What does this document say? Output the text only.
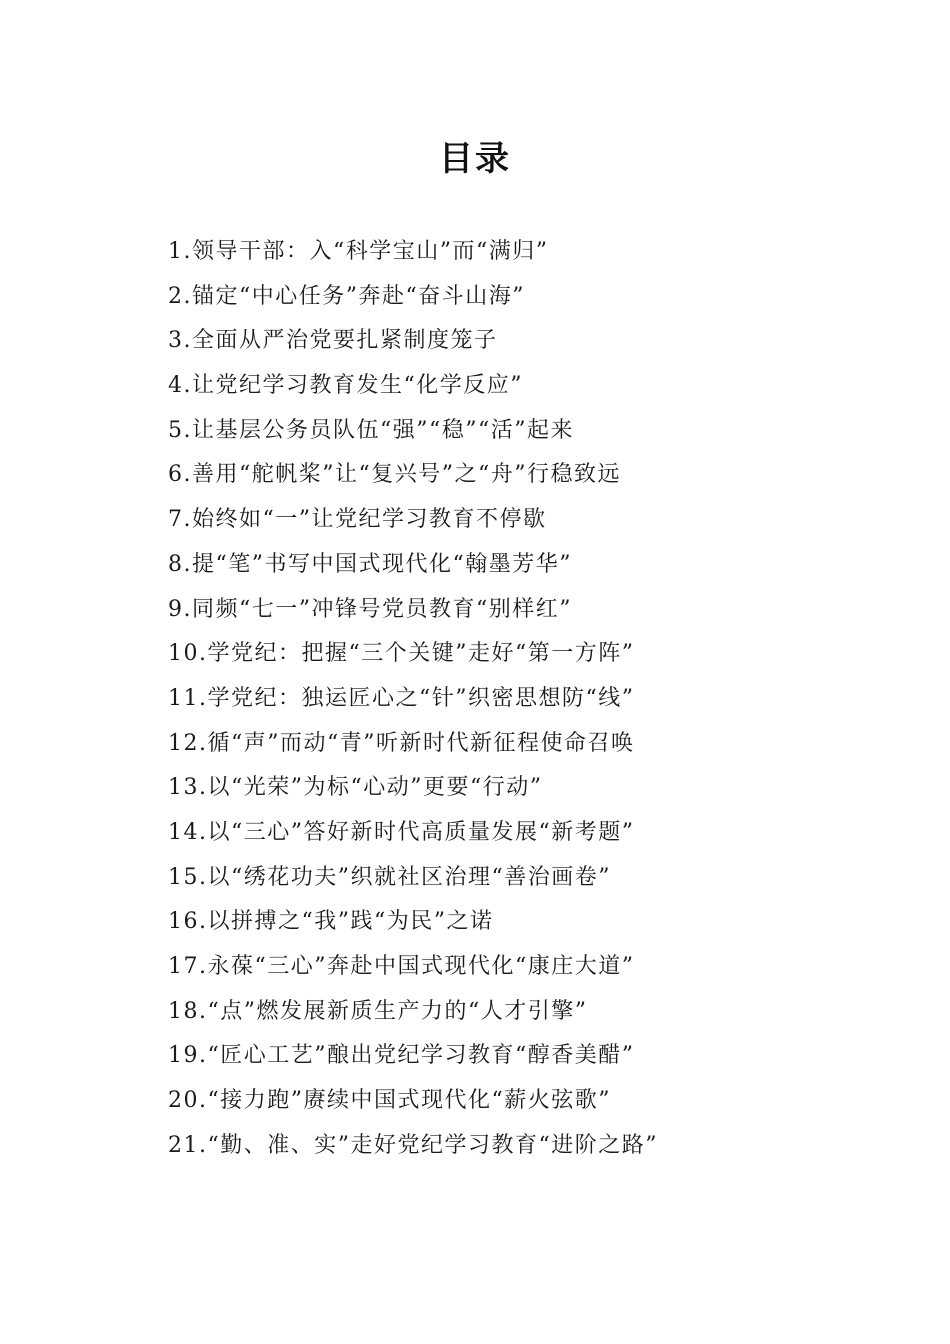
目录
1.领导干部：入“科学宝山”而“满归”
2.锚定“中心任务”奔赴“奋斗山海”
3.全面从严治党要扎紧制度笼子
4.让党纪学习教育发生“化学反应”
5.让基层公务员队伍“强”“稳”“活”起来
6.善用“舵帆桨”让“复兴号”之“舟”行稳致远
7.始终如“一”让党纪学习教育不停歇
8.提“笔”书写中国式现代化“翰墨芳华”
9.同频“七一”冲锋号党员教育“别样红”
10.学党纪：把握“三个关键”走好“第一方阵”
11.学党纪：独运匠心之“针”织密思想防“线”
12.循“声”而动“青”听新时代新征程使命召唤
13.以“光荣”为标“心动”更要“行动”
14.以“三心”答好新时代高质量发展“新考题”
15.以“绣花功夫”织就社区治理“善治画卷”
16.以拼搏之“我”践“为民”之诺
17.永葆“三心”奔赴中国式现代化“康庄大道”
18.“点”燃发展新质生产力的“人才引擎”
19.“匠心工艺”酿出党纪学习教育“醇香美醋”
20.“接力跑”赓续中国式现代化“薪火弦歌”
21.“勤、准、实”走好党纪学习教育“进阶之路”
